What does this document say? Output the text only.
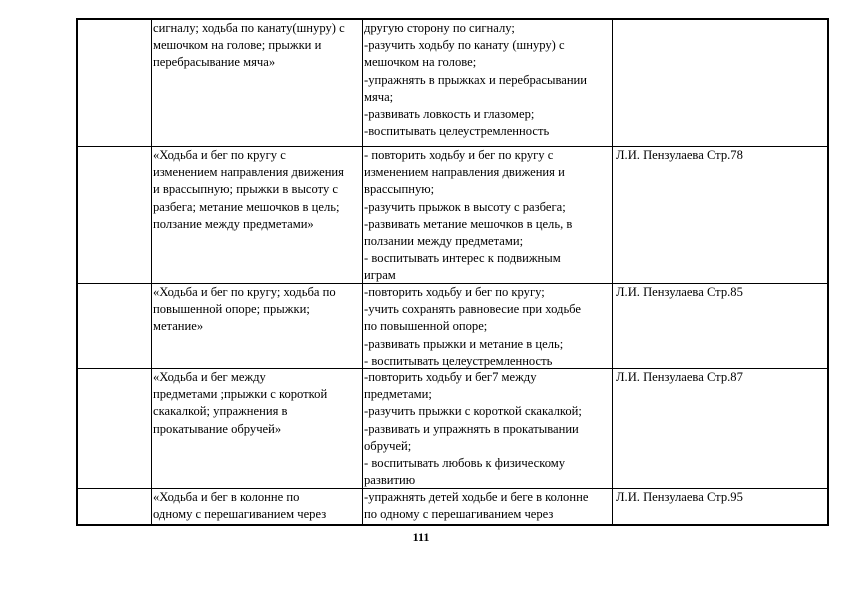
сигналу; ходьба по канату(шнуру) с
мешочком на голове; прыжки и
перебрасывание мяча»
другую сторону по сигналу;
-разучить ходьбу по канату (шнуру) с
мешочком на голове;
-упражнять в прыжках и перебрасывании
мяча;
-развивать ловкость и глазомер;
-воспитывать целеустремленность
«Ходьба и бег по кругу с
изменением направления движения
и врассыпную; прыжки в высоту с
разбега; метание мешочков в цель;
ползание между предметами»
- повторить ходьбу и бег по кругу с
изменением направления движения и
врассыпную;
-разучить прыжок в высоту с разбега;
-развивать метание мешочков в цель, в
ползании между предметами;
- воспитывать интерес к подвижным
играм
Л.И. Пензулаева Стр.78
«Ходьба и бег по кругу; ходьба по
повышенной опоре; прыжки;
метание»
-повторить ходьбу и бег по кругу;
-учить сохранять равновесие при ходьбе
по повышенной опоре;
-развивать прыжки и метание в цель;
- воспитывать целеустремленность
Л.И. Пензулаева Стр.85
«Ходьба и бег между
предметами ;прыжки с короткой
скакалкой; упражнения в
прокатывание обручей»
-повторить ходьбу и бег7 между
предметами;
-разучить прыжки с короткой скакалкой;
-развивать и упражнять в прокатывании
обручей;
- воспитывать любовь к физическому
развитию
Л.И. Пензулаева Стр.87
«Ходьба и бег в колонне по
одному с перешагиванием через
-упражнять детей ходьбе и беге в колонне
по одному с перешагиванием через
Л.И. Пензулаева Стр.95
111
